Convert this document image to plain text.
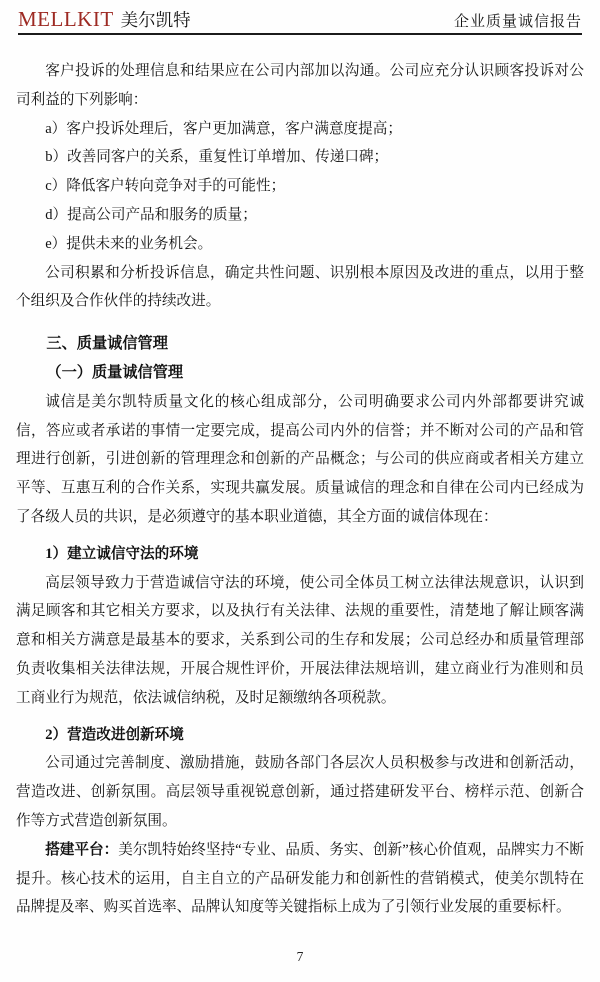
MELLKIT 美尔凯特	企业质量诚信报告

客户投诉的处理信息和结果应在公司内部加以沟通。公司应充分认识顾客投诉对公司利益的下列影响：

a）客户投诉处理后，客户更加满意，客户满意度提高；

b）改善同客户的关系，重复性订单增加、传递口碑；

c）降低客户转向竞争对手的可能性；

d）提高公司产品和服务的质量；

e）提供未来的业务机会。

公司积累和分析投诉信息，确定共性问题、识别根本原因及改进的重点，以用于整个组织及合作伙伴的持续改进。

三、质量诚信管理
（一）质量诚信管理

诚信是美尔凯特质量文化的核心组成部分，公司明确要求公司内外部都要讲究诚信，答应或者承诺的事情一定要完成，提高公司内外的信誉；并不断对公司的产品和管理进行创新，引进创新的管理理念和创新的产品概念；与公司的供应商或者相关方建立平等、互惠互利的合作关系，实现共赢发展。质量诚信的理念和自律在公司内已经成为了各级人员的共识，是必须遵守的基本职业道德，其全方面的诚信体现在：

1）建立诚信守法的环境

高层领导致力于营造诚信守法的环境，使公司全体员工树立法律法规意识，认识到满足顾客和其它相关方要求，以及执行有关法律、法规的重要性，清楚地了解让顾客满意和相关方满意是最基本的要求，关系到公司的生存和发展；公司总经办和质量管理部负责收集相关法律法规，开展合规性评价，开展法律法规培训，建立商业行为准则和员工商业行为规范，依法诚信纳税，及时足额缴纳各项税款。

2）营造改进创新环境

公司通过完善制度、激励措施，鼓励各部门各层次人员积极参与改进和创新活动，营造改进、创新氛围。高层领导重视锐意创新，通过搭建研发平台、榜样示范、创新合作等方式营造创新氛围。

搭建平台：美尔凯特始终坚持“专业、品质、务实、创新”核心价值观，品牌实力不断提升。核心技术的运用，自主自立的产品研发能力和创新性的营销模式，使美尔凯特在品牌提及率、购买首选率、品牌认知度等关键指标上成为了引领行业发展的重要标杆。

7
